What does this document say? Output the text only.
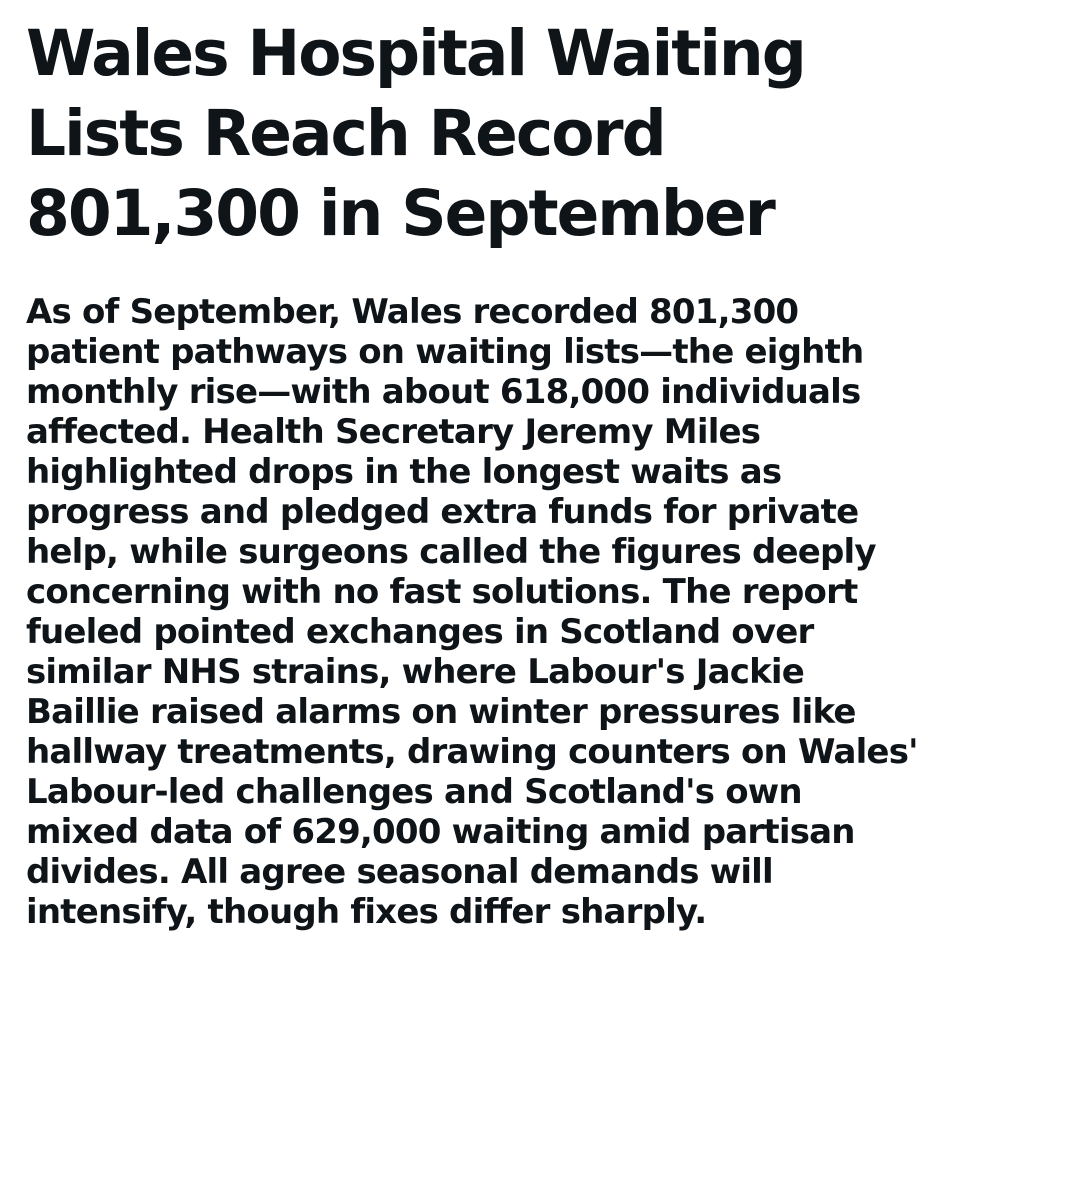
Wales Hospital Waiting
Lists Reach Record
801,300 in September

As of September, Wales recorded 801,300
patient pathways on waiting lists—the eighth
monthly rise—with about 618,000 individuals
affected. Health Secretary Jeremy Miles
highlighted drops in the longest waits as
progress and pledged extra funds for private
help, while surgeons called the figures deeply
concerning with no fast solutions. The report
fueled pointed exchanges in Scotland over
similar NHS strains, where Labour's Jackie
Baillie raised alarms on winter pressures like
hallway treatments, drawing counters on Wales'
Labour-led challenges and Scotland's own
mixed data of 629,000 waiting amid partisan
divides. All agree seasonal demands will
intensify, though fixes differ sharply.
